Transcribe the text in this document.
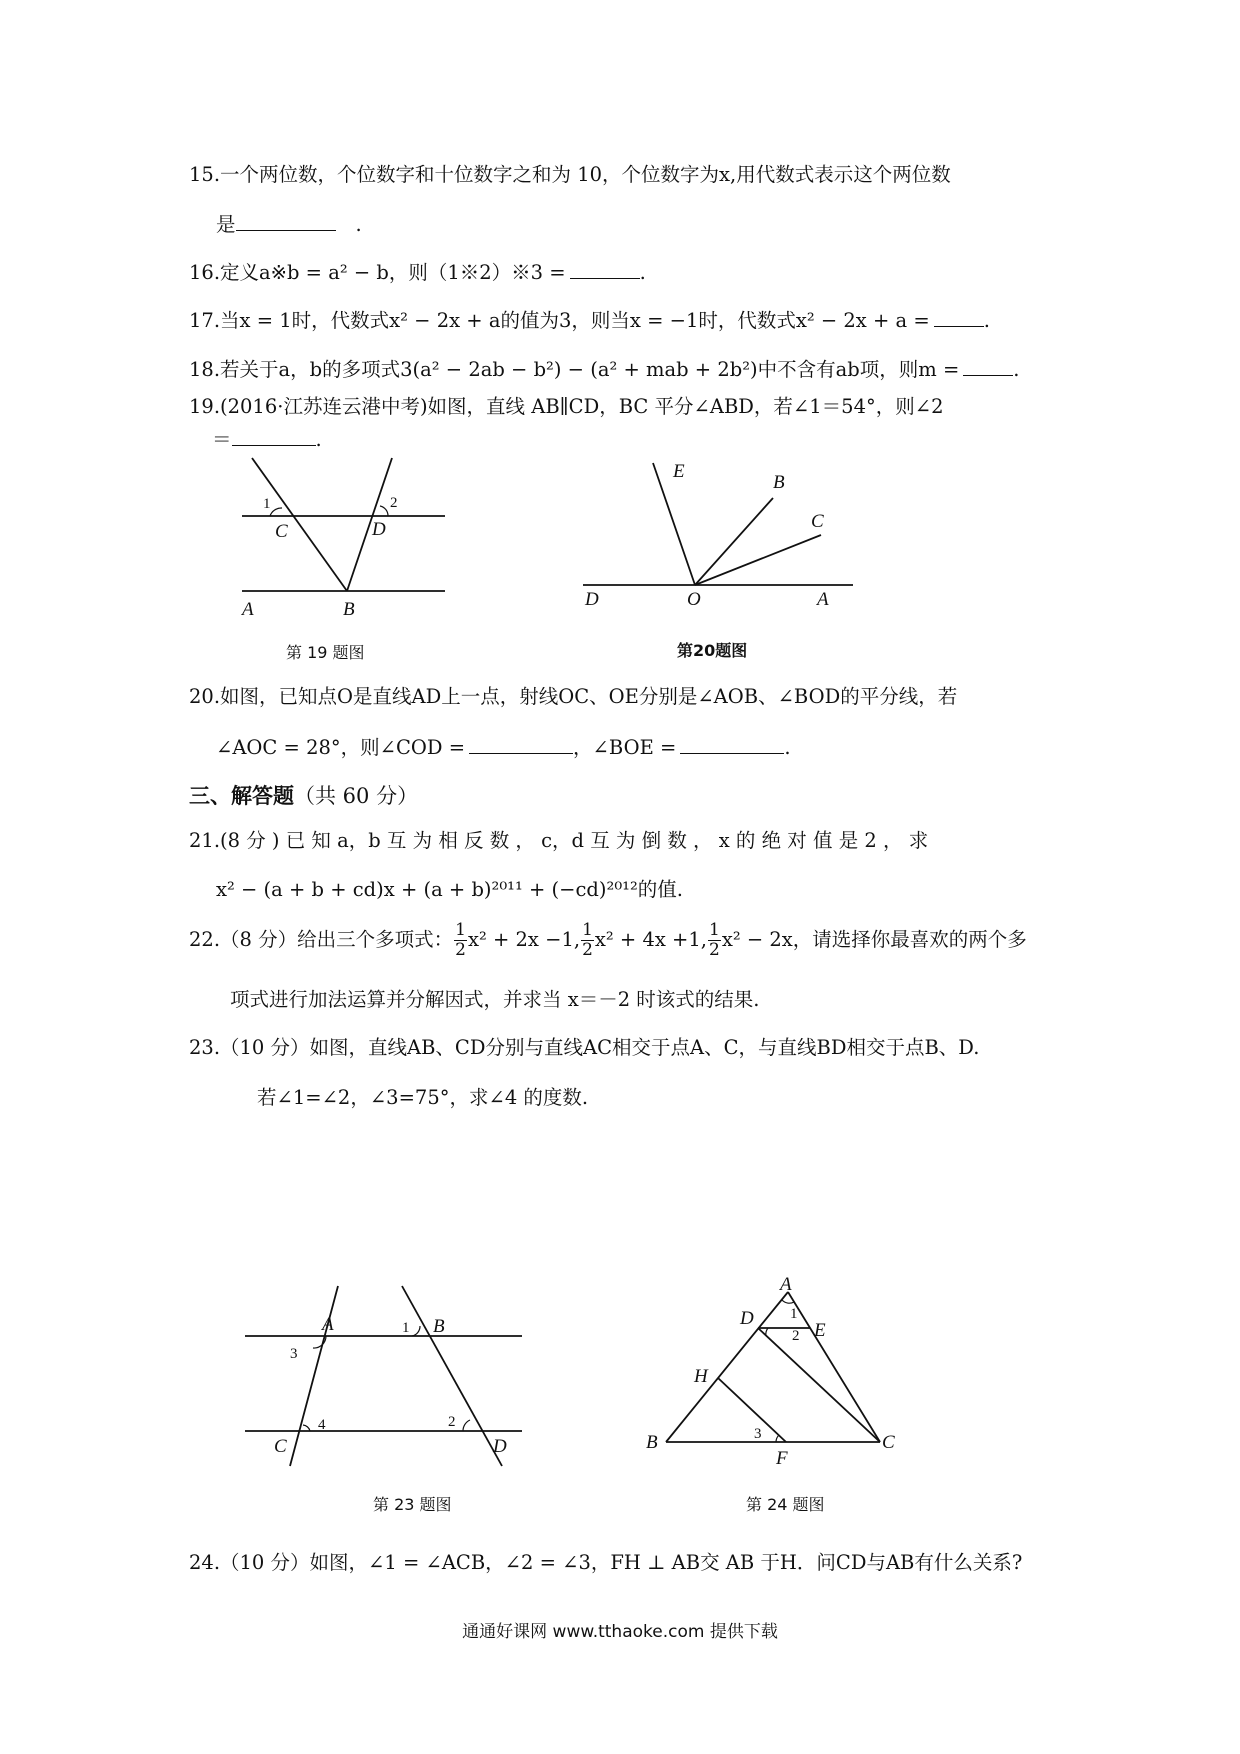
15.一个两位数，个位数字和十位数字之和为 10，个位数字为x,用代数式表示这个两位数
是	.
16.定义a※b = a² − b，则（1※2）※3 =	.
17.当x = 1时，代数式x² − 2x + a的值为3，则当x = −1时，代数式x² − 2x + a =	.
18.若关于a，b的多项式3(a² − 2ab − b²) − (a² + mab + 2b²)中不含有ab项，则m =	.
19.(2016·江苏连云港中考)如图，直线 AB∥CD，BC 平分∠ABD，若∠1＝54°，则∠2
＝	.
1	2
C	D
A	B
第 19 题图
E
B
C
D	O	A
第20题图
20.如图，已知点O是直线AD上一点，射线OC、OE分别是∠AOB、∠BOD的平分线，若
∠AOC = 28°，则∠COD =	，∠BOE =	.
三、解答题（共 60 分）
21.(8 分 ) 已 知 a，b 互 为 相 反 数 ， c，d 互 为 倒 数 ， x 的 绝 对 值 是 2 ， 求
x² − (a + b + cd)x + (a + b)²⁰¹¹ + (−cd)²⁰¹²的值.
22.（8 分）给出三个多项式： $\frac{1}{2} x^2 + 2x -1$, $\frac{1}{2} x^2 + 4x +1$, $\frac{1}{2} x^2 - 2x$，请选择你最喜欢的两个多
项式进行加法运算并分解因式，并求当 x＝－2 时该式的结果.
23.（10 分）如图，直线AB、CD分别与直线AC相交于点A、C，与直线BD相交于点B、D.
若∠1=∠2，∠3=75°，求∠4 的度数.
A	B
C	D
1
2
3
4
第 23 题图
A
D
E
H
B	C
F
1
2
3
第 24 题图
24.（10 分）如图，∠1 = ∠ACB，∠2 = ∠3，FH ⊥ AB交 AB 于H．问CD与AB有什么关系?
通通好课网 www.tthaoke.com 提供下载
